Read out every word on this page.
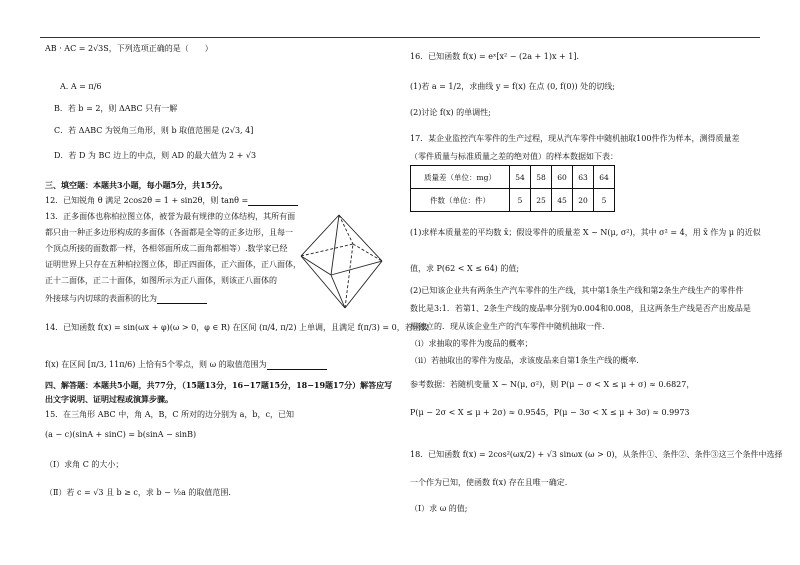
AB · AC = 2√3S，下列选项正确的是（　　）
A. A = π/6
B．若 b = 2，则 ΔABC 只有一解
C．若 ΔABC 为锐角三角形，则 b 取值范围是 (2√3, 4]
D．若 D 为 BC 边上的中点，则 AD 的最大值为 2 + √3
三、填空题：本题共3小题，每小题5分，共15分。
12．已知锐角 θ 满足 2cos2θ = 1 + sin2θ，则 tanθ =
13．正多面体也称柏拉图立体，被誉为最有规律的立体结构，其所有面
都只由一种正多边形构成的多面体（各面都是全等的正多边形，且每一
个顶点所接的面数都一样，各相邻面所成二面角都相等）.数学家已经
证明世界上只存在五种柏拉图立体，即正四面体，正六面体，正八面体，
正十二面体，正二十面体，如图所示为正八面体，则该正八面体的
外接球与内切球的表面积的比为
14．已知函数 f(x) = sin(ωx + φ)(ω > 0，φ ∈ R) 在区间 (π/4, π/2) 上单调，且满足 f(π/3) = 0，若函数
f(x) 在区间 [π/3, 11π/6) 上恰有5个零点，则 ω 的取值范围为
四、解答题：本题共5小题，共77分，（15题13分，16−17题15分，18−19题17分）解答应写
出文字说明、证明过程或演算步骤。
15．在三角形 ABC 中，角 A，B，C 所对的边分别为 a，b，c，已知
(a − c)(sinA + sinC) = b(sinA − sinB)
（Ⅰ）求角 C 的大小；
（Ⅱ）若 c = √3 且 b ≥ c，求 b − ½a 的取值范围.
16．已知函数 f(x) = eˣ[x² − (2a + 1)x + 1].
(1)若 a = 1/2，求曲线 y = f(x) 在点 (0, f(0)) 处的切线;
(2)讨论 f(x) 的单调性;
17．某企业监控汽车零件的生产过程，现从汽车零件中随机抽取100件作为样本，测得质量差
（零件质量与标准质量之差的绝对值）的样本数据如下表：
质量差（单位：mg）	54	58	60	63	64
件数（单位：件）	5	25	45	20	5
(1)求样本质量差的平均数 x̄；假设零件的质量差 X ~ N(μ, σ²)，其中 σ² = 4，用 x̄ 作为 μ 的近似
值，求 P(62 < X ≤ 64) 的值;
(2)已知该企业共有两条生产汽车零件的生产线，其中第1条生产线和第2条生产线生产的零件件
数比是3:1．若第1、2条生产线的废品率分别为0.004和0.008，且这两条生产线是否产出废品是
相独立的．现从该企业生产的汽车零件中随机抽取一件.
（ⅰ）求抽取的零件为废品的概率；
（ⅱ）若抽取出的零件为废品，求该废品来自第1条生产线的概率.
参考数据：若随机变量 X ~ N(μ, σ²)，则 P(μ − σ < X ≤ μ + σ) ≈ 0.6827，
P(μ − 2σ < X ≤ μ + 2σ) ≈ 0.9545，P(μ − 3σ < X ≤ μ + 3σ) ≈ 0.9973
18．已知函数 f(x) = 2cos²(ωx/2) + √3 sinωx (ω > 0)，从条件①、条件②、条件③这三个条件中选择
一个作为已知，使函数 f(x) 存在且唯一确定.
（Ⅰ）求 ω 的值;
